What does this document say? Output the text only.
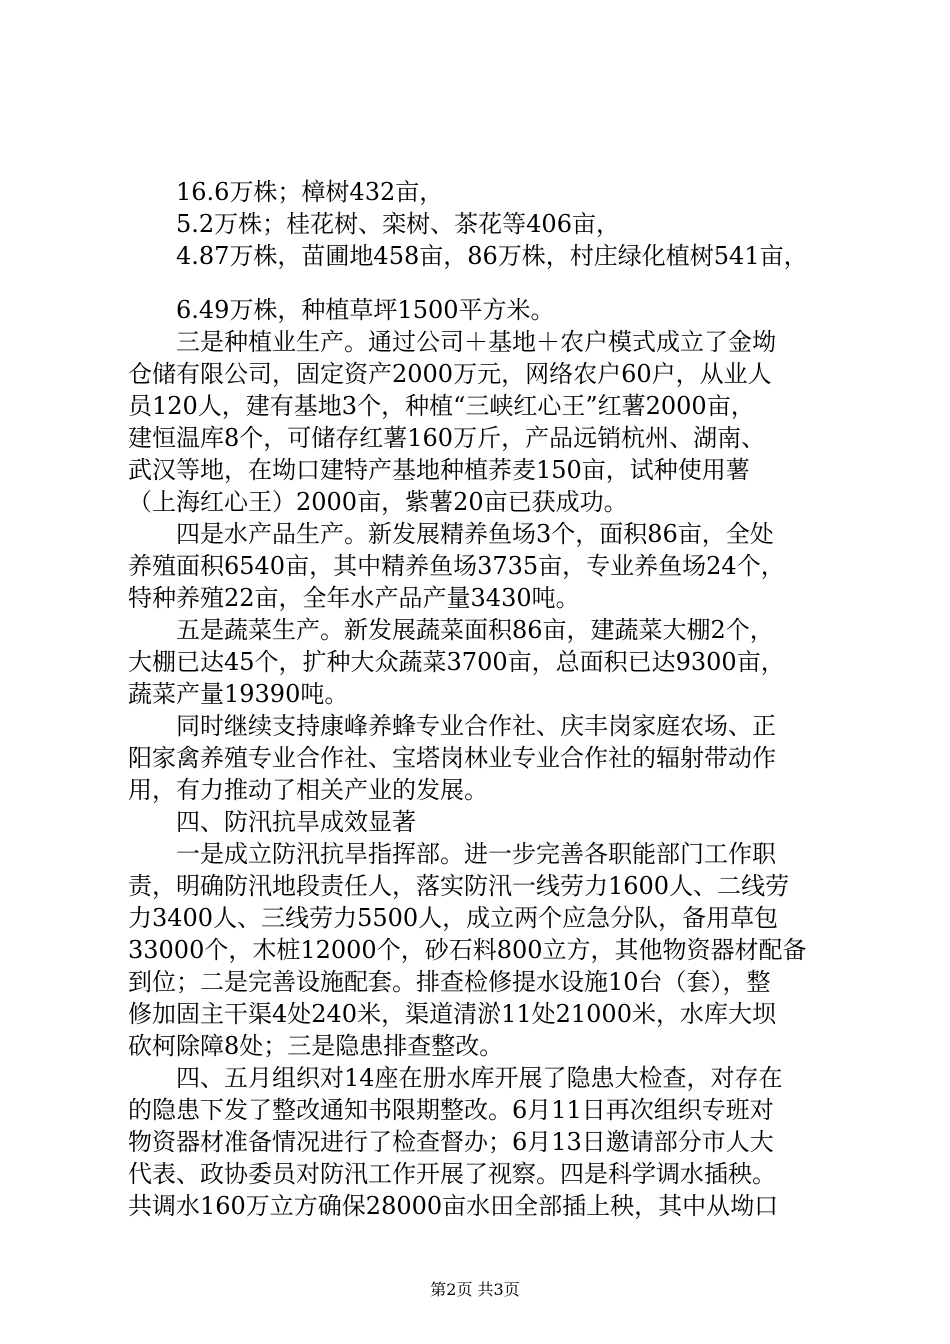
16.6万株；樟树432亩，
5.2万株；桂花树、栾树、茶花等406亩，
4.87万株，苗圃地458亩，86万株，村庄绿化植树541亩，
6.49万株，种植草坪1500平方米。
三是种植业生产。通过公司＋基地＋农户模式成立了金坳
仓储有限公司，固定资产2000万元，网络农户60户，从业人
员120人，建有基地3个，种植“三峡红心王”红薯2000亩，
建恒温库8个，可储存红薯160万斤，产品远销杭州、湖南、
武汉等地，在坳口建特产基地种植荞麦150亩，试种使用薯
（上海红心王）2000亩，紫薯20亩已获成功。
四是水产品生产。新发展精养鱼场3个，面积86亩，全处
养殖面积6540亩，其中精养鱼场3735亩，专业养鱼场24个，
特种养殖22亩，全年水产品产量3430吨。
五是蔬菜生产。新发展蔬菜面积86亩，建蔬菜大棚2个，
大棚已达45个，扩种大众蔬菜3700亩，总面积已达9300亩，
蔬菜产量19390吨。
同时继续支持康峰养蜂专业合作社、庆丰岗家庭农场、正
阳家禽养殖专业合作社、宝塔岗林业专业合作社的辐射带动作
用，有力推动了相关产业的发展。
四、防汛抗旱成效显著
一是成立防汛抗旱指挥部。进一步完善各职能部门工作职
责，明确防汛地段责任人，落实防汛一线劳力1600人、二线劳
力3400人、三线劳力5500人，成立两个应急分队，备用草包
33000个，木桩12000个，砂石料800立方，其他物资器材配备
到位；二是完善设施配套。排查检修提水设施10台（套），整
修加固主干渠4处240米，渠道清淤11处21000米，水库大坝
砍柯除障8处；三是隐患排查整改。
四、五月组织对14座在册水库开展了隐患大检查，对存在
的隐患下发了整改通知书限期整改。6月11日再次组织专班对
物资器材准备情况进行了检查督办；6月13日邀请部分市人大
代表、政协委员对防汛工作开展了视察。四是科学调水插秧。
共调水160万立方确保28000亩水田全部插上秧，其中从坳口
第2页 共3页
